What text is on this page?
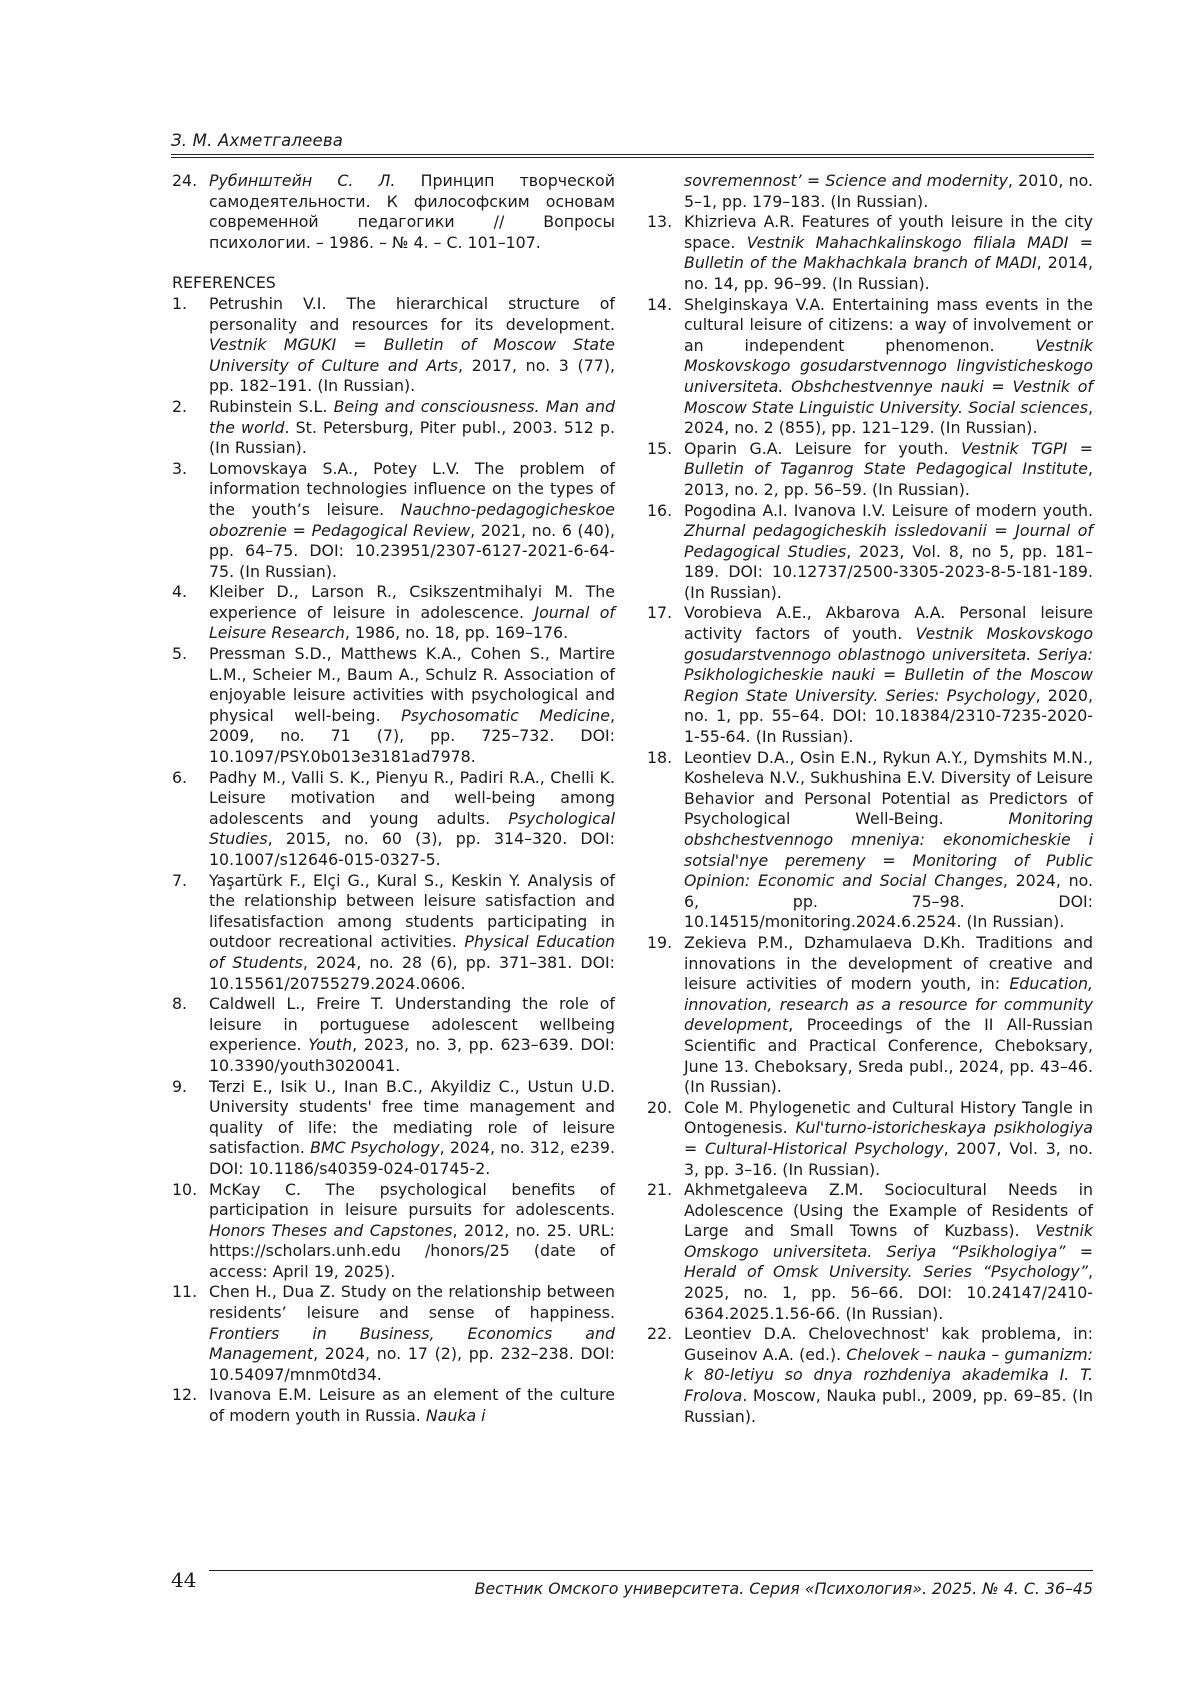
З. М. Ахметгалеева
24. Рубинштейн С. Л. Принцип творческой самодеятельности. К философским основам современной педагогики // Вопросы психологии. – 1986. – № 4. – С. 101–107.
REFERENCES
1.	Petrushin V.I. The hierarchical structure of personality and resources for its development. Vestnik MGUKI = Bulletin of Moscow State University of Culture and Arts, 2017, no. 3 (77), pp. 182–191. (In Russian).
2.	Rubinstein S.L. Being and consciousness. Man and the world. St. Petersburg, Piter publ., 2003. 512 p. (In Russian).
3.	Lomovskaya S.A., Potey L.V. The problem of information technologies influence on the types of the youth’s leisure. Nauchno-pedagogicheskoe obozrenie = Pedagogical Review, 2021, no. 6 (40), pp. 64–75. DOI: 10.23951/2307-6127-2021-6-64-75. (In Russian).
4.	Kleiber D., Larson R., Csikszentmihalyi M. The experience of leisure in adolescence. Journal of Leisure Research, 1986, no. 18, pp. 169–176.
5.	Pressman S.D., Matthews K.A., Cohen S., Martire L.M., Scheier M., Baum A., Schulz R. Association of enjoyable leisure activities with psychological and physical well-being. Psychosomatic Medicine, 2009, no. 71 (7), pp. 725–732. DOI: 10.1097/PSY.0b013e3181ad7978.
6.	Padhy M., Valli S. K., Pienyu R., Padiri R.A., Chelli K. Leisure motivation and well-being among adolescents and young adults. Psychological Studies, 2015, no. 60 (3), pp. 314–320. DOI: 10.1007/s12646-015-0327-5.
7.	Yaşartürk F., Elçi G., Kural S., Keskin Y. Analysis of the relationship between leisure satisfaction and lifesatisfaction among students participating in outdoor recreational activities. Physical Education of Students, 2024, no. 28 (6), pp. 371–381. DOI: 10.15561/20755279.2024.0606.
8.	Caldwell L., Freire T. Understanding the role of leisure in portuguese adolescent wellbeing experience. Youth, 2023, no. 3, pp. 623–639. DOI: 10.3390/youth3020041.
9.	Terzi E., Isik U., Inan B.C., Akyildiz C., Ustun U.D. University students' free time management and quality of life: the mediating role of leisure satisfaction. BMC Psychology, 2024, no. 312, e239. DOI: 10.1186/s40359-024-01745-2.
10. McKay C. The psychological benefits of participation in leisure pursuits for adolescents. Honors Theses and Capstones, 2012, no. 25. URL: https://scholars.unh.edu /honors/25 (date of access: April 19, 2025).
11. Chen H., Dua Z. Study on the relationship between residents’ leisure and sense of happiness. Frontiers in Business, Economics and Management, 2024, no. 17 (2), pp. 232–238. DOI: 10.54097/mnm0td34.
12. Ivanova E.M. Leisure as an element of the culture of modern youth in Russia. Nauka i
sovremennost’ = Science and modernity, 2010, no. 5–1, pp. 179–183. (In Russian).
13. Khizrieva A.R. Features of youth leisure in the city space. Vestnik Mahachkalinskogo filiala MADI = Bulletin of the Makhachkala branch of MADI, 2014, no. 14, pp. 96–99. (In Russian).
14. Shelginskaya V.A. Entertaining mass events in the cultural leisure of citizens: a way of involvement or an independent phenomenon. Vestnik Moskovskogo gosudarstvennogo lingvisticheskogo universiteta. Obshchestvennye nauki = Vestnik of Moscow State Linguistic University. Social sciences, 2024, no. 2 (855), pp. 121–129. (In Russian).
15. Oparin G.A. Leisure for youth. Vestnik TGPI = Bulletin of Taganrog State Pedagogical Institute, 2013, no. 2, pp. 56–59. (In Russian).
16. Pogodina A.I. Ivanova I.V. Leisure of modern youth. Zhurnal pedagogicheskih issledovanii = Journal of Pedagogical Studies, 2023, Vol. 8, no 5, pp. 181–189. DOI: 10.12737/2500-3305-2023-8-5-181-189. (In Russian).
17. Vorobieva A.E., Akbarova A.A. Personal leisure activity factors of youth. Vestnik Moskovskogo gosudarstvennogo oblastnogo universiteta. Seriya: Psikhologicheskie nauki = Bulletin of the Moscow Region State University. Series: Psychology, 2020, no. 1, pp. 55–64. DOI: 10.18384/2310-7235-2020-1-55-64. (In Russian).
18. Leontiev D.A., Osin E.N., Rykun A.Y., Dymshits M.N., Kosheleva N.V., Sukhushina E.V. Diversity of Leisure Behavior and Personal Potential as Predictors of Psychological Well-Being. Monitoring obshchestvennogo mneniya: ekonomicheskie i sotsial'nye peremeny = Monitoring of Public Opinion: Economic and Social Changes, 2024, no. 6, pp. 75–98. DOI: 10.14515/monitoring.2024.6.2524. (In Russian).
19. Zekieva P.M., Dzhamulaeva D.Kh. Traditions and innovations in the development of creative and leisure activities of modern youth, in: Education, innovation, research as a resource for community development, Proceedings of the II All-Russian Scientific and Practical Conference, Cheboksary, June 13. Cheboksary, Sreda publ., 2024, pp. 43–46. (In Russian).
20. Cole M. Phylogenetic and Cultural History Tangle in Ontogenesis. Kul'turno-istoricheskaya psikhologiya = Cultural-Historical Psychology, 2007, Vol. 3, no. 3, pp. 3–16. (In Russian).
21. Akhmetgaleeva Z.M. Sociocultural Needs in Adolescence (Using the Example of Residents of Large and Small Towns of Kuzbass). Vestnik Omskogo universiteta. Seriya “Psikhologiya” = Herald of Omsk University. Series “Psychology”, 2025, no. 1, pp. 56–66. DOI: 10.24147/2410-6364.2025.1.56-66. (In Russian).
22. Leontiev D.A. Chelovechnost' kak problema, in: Guseinov A.A. (ed.). Chelovek – nauka – gumanizm: k 80-letiyu so dnya rozhdeniya akademika I. T. Frolova. Moscow, Nauka publ., 2009, pp. 69–85. (In Russian).
44	Вестник Омского университета. Серия «Психология». 2025. № 4. С. 36–45
